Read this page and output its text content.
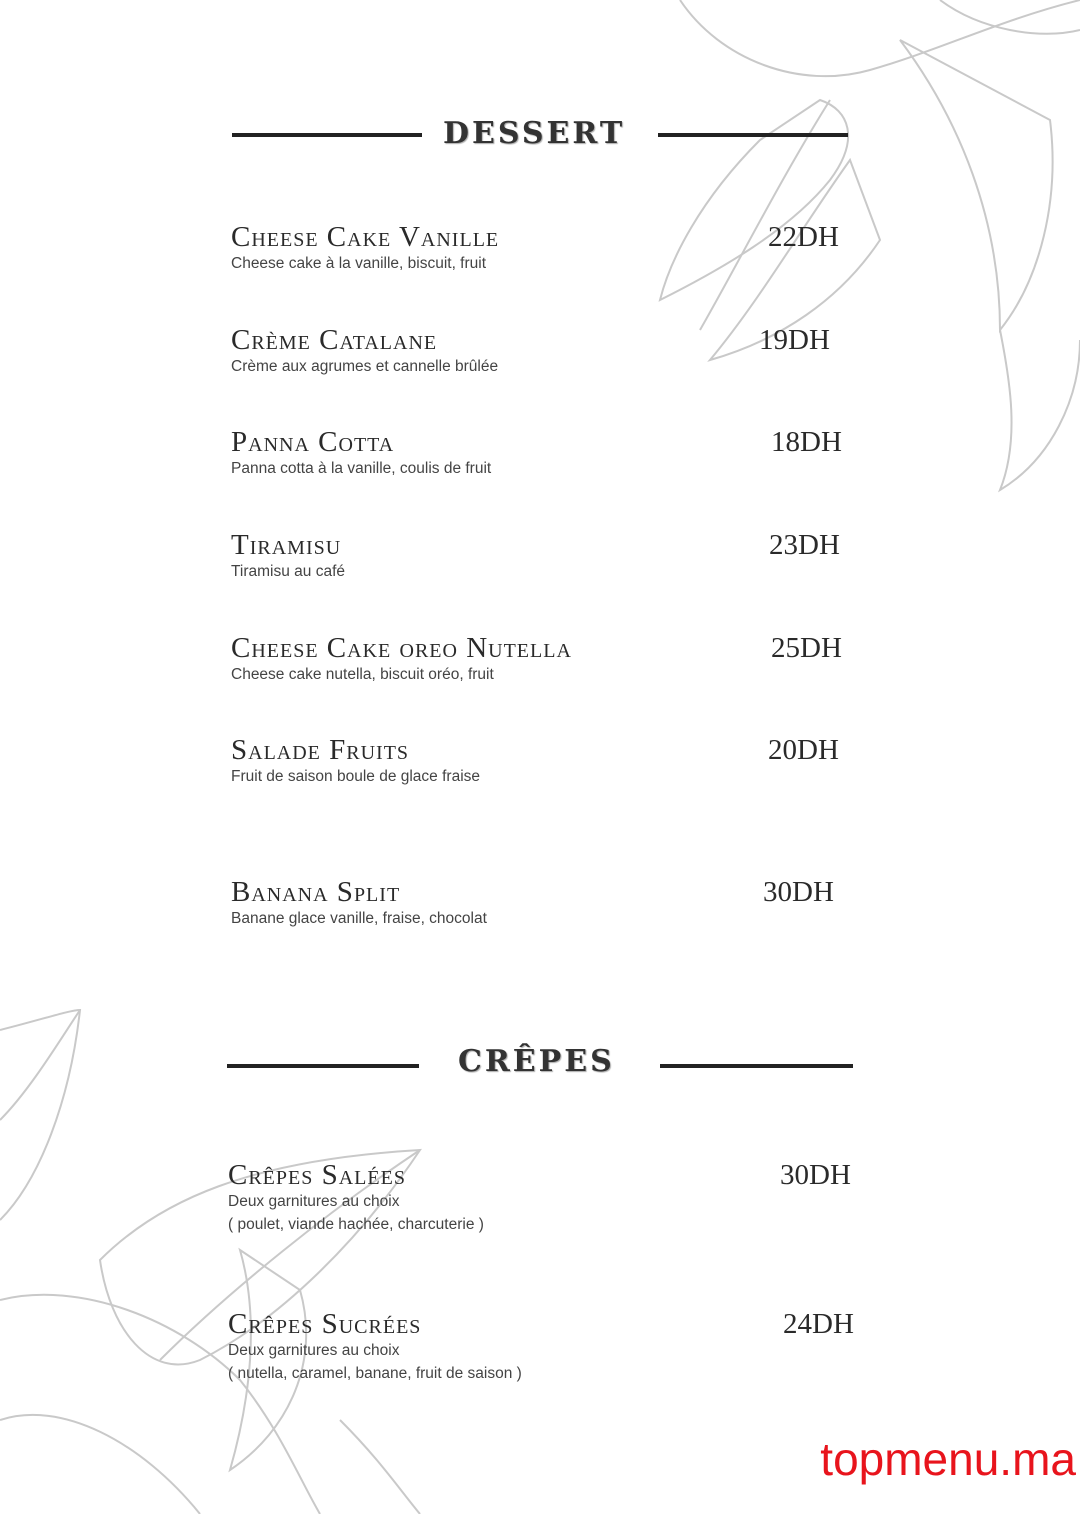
DESSERT
Cheese Cake Vanille
Cheese cake à la vanille, biscuit, fruit
22DH
Crème Catalane
Crème aux agrumes et cannelle brûlée
19DH
Panna Cotta
Panna cotta à la vanille, coulis de fruit
18DH
Tiramisu
Tiramisu au café
23DH
Cheese Cake oreo Nutella
Cheese cake nutella, biscuit oréo, fruit
25DH
Salade Fruits
Fruit de saison boule de glace fraise
20DH
Banana Split
Banane glace vanille, fraise, chocolat
30DH
CRÊPES
Crêpes Salées
Deux garnitures au choix
( poulet, viande hachée, charcuterie )
30DH
Crêpes Sucrées
Deux garnitures au choix
( nutella, caramel, banane, fruit de saison )
24DH
topmenu.ma
